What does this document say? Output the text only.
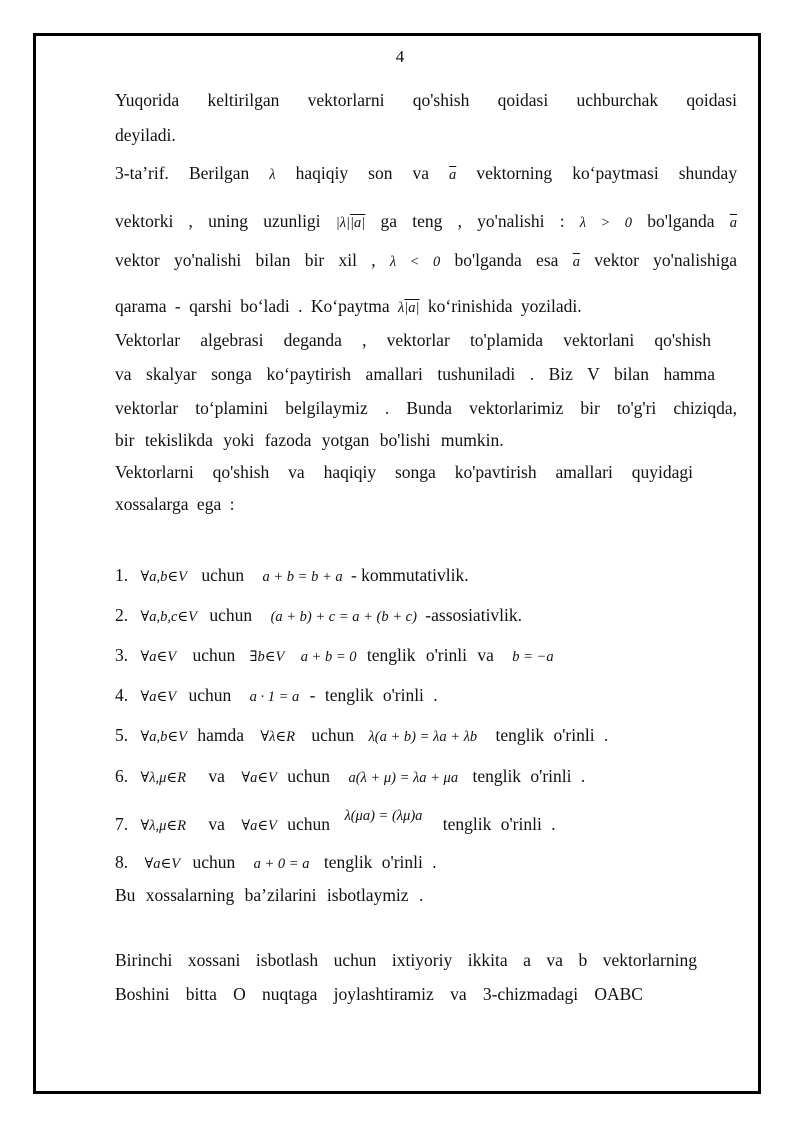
4
Yuqorida keltirilgan vektorlarni qo'shish qoidasi uchburchak qoidasi
deyiladi.
3-ta’rif. Berilgan λ haqiqiy son va $\overline{a}$ vektorning ko‘paytmasi shunday
vektorki , uning uzunligi |λ||a| ga teng , yo'nalishi : λ > 0 bo'lganda $\overline{a}$
vektor yo'nalishi bilan bir xil , λ < 0 bo'lganda esa $\overline{a}$ vektor yo'nalishiga
qarama - qarshi bo‘ladi . Ko‘paytma λ|a| ko‘rinishida yoziladi.
Vektorlar algebrasi deganda , vektorlar to'plamida vektorlani qo'shish
va skalyar songa ko‘paytirish amallari tushuniladi . Biz V bilan hamma
vektorlar to‘plamini belgilaymiz . Bunda vektorlarimiz bir to'g'ri chiziqda,
bir tekislikda yoki fazoda yotgan bo'lishi mumkin.
Vektorlarni qo'shish va haqiqiy songa ko'pavtirish amallari quyidagi
xossalarga ega :
1. ∀a,b∈V uchun a + b = b + a - kommutativlik.
2. ∀a,b,c∈V uchun (a + b) + c = a + (b + c) -assosiativlik.
3. ∀a∈V uchun ∃b∈V a + b = 0 tenglik o'rinli va b = −a
4. ∀a∈V uchun a · 1 = a - tenglik o'rinli .
5. ∀a,b∈V hamda ∀λ∈R uchun λ(a + b) = λa + λb tenglik o'rinli .
6. ∀λ,μ∈R va ∀a∈V uchun a(λ + μ) = λa + μa tenglik o'rinli .
7. ∀λ,μ∈R va ∀a∈V uchun λ(μa) = (λμ)a tenglik o'rinli .
8. ∀a∈V uchun a + 0 = a tenglik o'rinli .
Bu xossalarning ba’zilarini isbotlaymiz .
Birinchi xossani isbotlash uchun ixtiyoriy ikkita a va b vektorlarning
Boshini bitta O nuqtaga joylashtiramiz va 3-chizmadagi OABC
